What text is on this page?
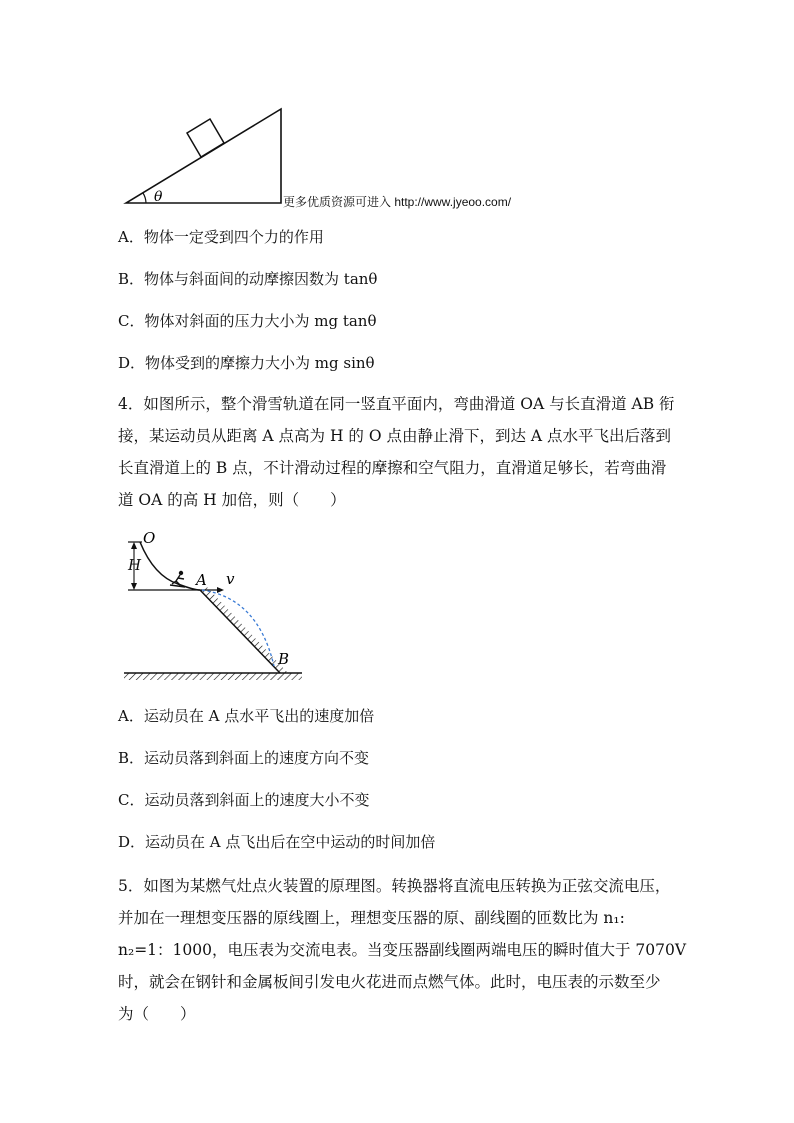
θ	更多优质资源可进入 http://www.jyeoo.com/
A．物体一定受到四个力的作用
B．物体与斜面间的动摩擦因数为 tanθ
C．物体对斜面的压力大小为 mg tanθ
D．物体受到的摩擦力大小为 mg sinθ
4．如图所示，整个滑雪轨道在同一竖直平面内，弯曲滑道 OA 与长直滑道 AB 衔
接，某运动员从距离 A 点高为 H 的 O 点由静止滑下，到达 A 点水平飞出后落到
长直滑道上的 B 点，不计滑动过程的摩擦和空气阻力，直滑道足够长，若弯曲滑
道 OA 的高 H 加倍，则（　　）
O
A v
B
H
A．运动员在 A 点水平飞出的速度加倍
B．运动员落到斜面上的速度方向不变
C．运动员落到斜面上的速度大小不变
D．运动员在 A 点飞出后在空中运动的时间加倍
5．如图为某燃气灶点火装置的原理图。转换器将直流电压转换为正弦交流电压，
并加在一理想变压器的原线圈上，理想变压器的原、副线圈的匝数比为 n₁:
n₂=1：1000，电压表为交流电表。当变压器副线圈两端电压的瞬时值大于 7070V
时，就会在钢针和金属板间引发电火花进而点燃气体。此时，电压表的示数至少
为（　　）
